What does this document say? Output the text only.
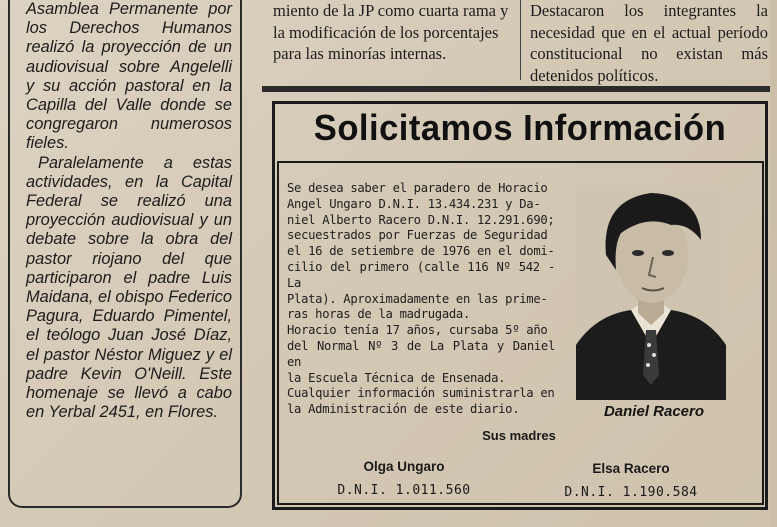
Asamblea Permanente por los Derechos Humanos realizó la proyección de un audiovisual sobre Angelelli y su acción pastoral en la Capilla del Valle donde se congregaron numerosos fieles.

Paralelamente a estas actividades, en la Capital Federal se realizó una proyección audiovisual y un debate sobre la obra del pastor riojano del que participaron el padre Luis Maidana, el obispo Federico Pagura, Eduardo Pimentel, el teólogo Juan José Díaz, el pastor Néstor Miguez y el padre Kevin O'Neill. Este homenaje se llevó a cabo en Yerbal 2451, en Flores.

miento de la JP como cuarta rama y la modificación de los porcentajes para las minorías internas.
Destacaron los integrantes la necesidad que en el actual período constitucional no existan más detenidos políticos.
Solicitamos Información

Se desea saber el paradero de Horacio
Angel Ungaro D.N.I. 13.434.231 y Da-
niel Alberto Racero D.N.I. 12.291.690;
secuestrados por Fuerzas de Seguridad
el 16 de setiembre de 1976 en el domi-
cilio del primero (calle 116 Nº 542 - La
Plata). Aproximadamente en las prime-
ras horas de la madrugada.
Horacio tenía 17 años, cursaba 5º año
del Normal Nº 3 de La Plata y Daniel en
la Escuela Técnica de Ensenada.
Cualquier información suministrarla en
la Administración de este diario.	Daniel Racero
Sus madres
Olga Ungaro
D.N.I. 1.011.560
Elsa Racero
D.N.I. 1.190.584
